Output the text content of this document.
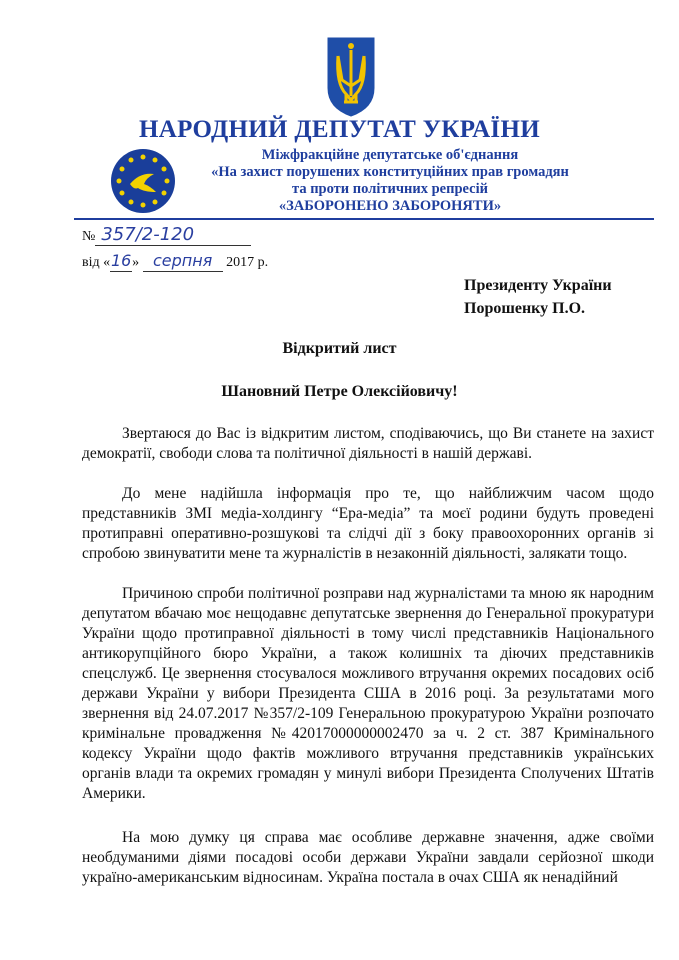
НАРОДНИЙ ДЕПУТАТ УКРАЇНИ
Міжфракційне депутатське об'єднання
«На захист порушених конституційних прав громадян
та проти політичних репресій
«ЗАБОРОНЕНО ЗАБОРОНЯТИ»
№ 357/2-120
від «16» серпня 2017 р.
Президенту України
Порошенку П.О.
Відкритий лист
Шановний Петре Олексійовичу!

Звертаюся до Вас із відкритим листом, сподіваючись, що Ви станете на захист демократії, свободи слова та політичної діяльності в нашій державі.

До мене надійшла інформація про те, що найближчим часом щодо представників ЗМІ медіа-холдингу “Ера-медіа” та моєї родини будуть проведені протиправні оперативно-розшукові та слідчі дії з боку правоохоронних органів зі спробою звинуватити мене та журналістів в незаконній діяльності, залякати тощо.

Причиною спроби політичної розправи над журналістами та мною як народним депутатом вбачаю моє нещодавнє депутатське звернення до Генеральної прокуратури України щодо протиправної діяльності в тому числі представників Національного антикорупційного бюро України, а також колишніх та діючих представників спецслужб. Це звернення стосувалося можливого втручання окремих посадових осіб держави України у вибори Президента США в 2016 році. За результатами мого звернення від 24.07.2017 №357/2-109 Генеральною прокуратурою України розпочато кримінальне провадження №42017000000002470 за ч. 2 ст. 387 Кримінального кодексу України щодо фактів можливого втручання представників українських органів влади та окремих громадян у минулі вибори Президента Сполучених Штатів Америки.

На мою думку ця справа має особливе державне значення, адже своїми необдуманими діями посадові особи держави України завдали серйозної шкоди україно-американським відносинам. Україна постала в очах США як ненадійний
